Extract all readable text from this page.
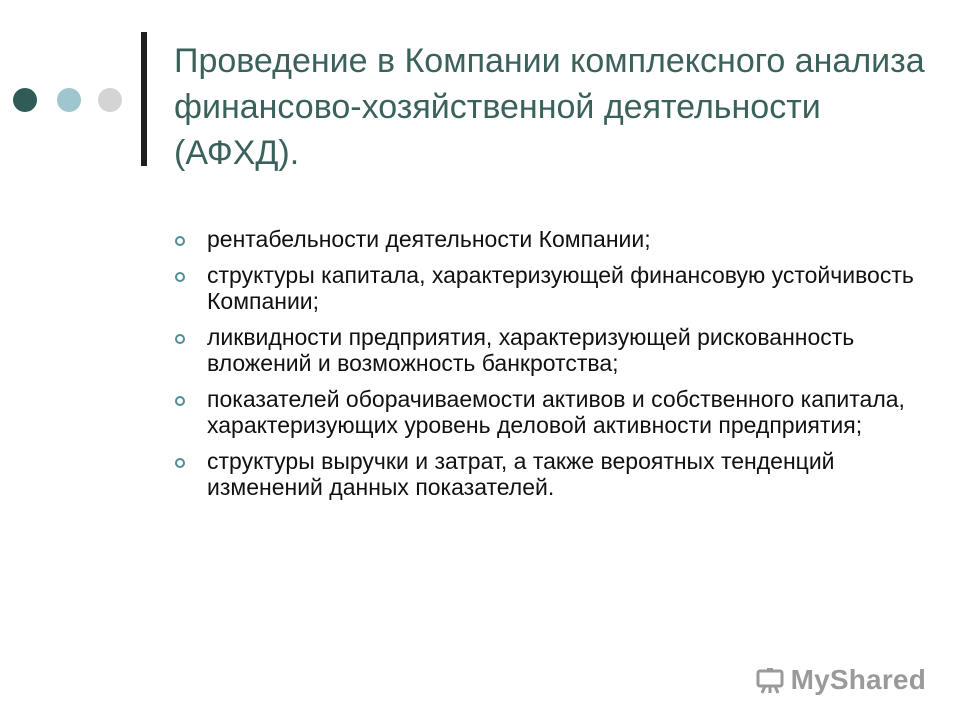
Проведение в Компании комплексного анализа финансово-хозяйственной деятельности (АФХД).
рентабельности деятельности Компании;
структуры капитала, характеризующей финансовую устойчивость Компании;
ликвидности предприятия, характеризующей рискованность вложений и возможность банкротства;
показателей оборачиваемости активов и собственного капитала, характеризующих уровень деловой активности предприятия;
структуры выручки и затрат, а также вероятных тенденций изменений данных показателей.
MyShared
